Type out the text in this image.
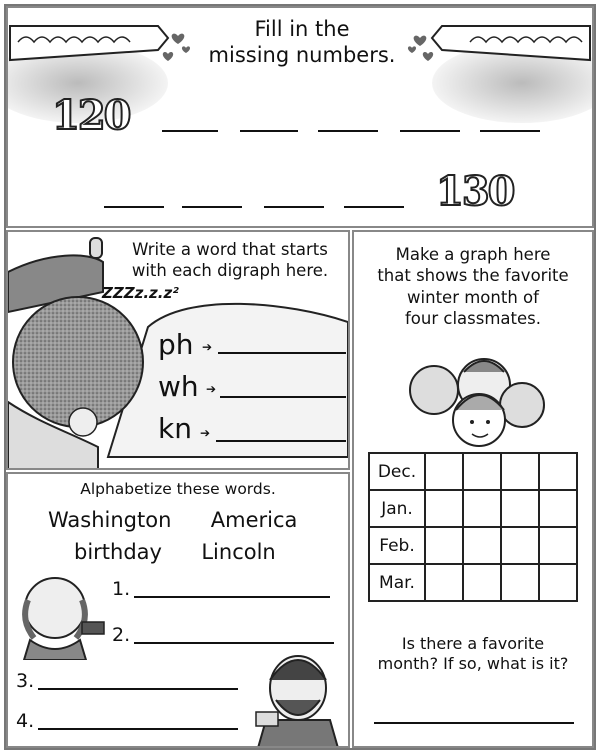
Fill in the
missing numbers.
120
130
Write a word that starts
with each digraph here.
ZZZz.z.z²
ph ➔
wh ➔
kn ➔
Make a graph here
that shows the favorite
winter month of
four classmates.
Dec.				
Jan.				
Feb.				
Mar.				
Is there a favorite
month? If so, what is it?
Alphabetize these words.
Washington America
birthday Lincoln
1.
2.
3.
4.
